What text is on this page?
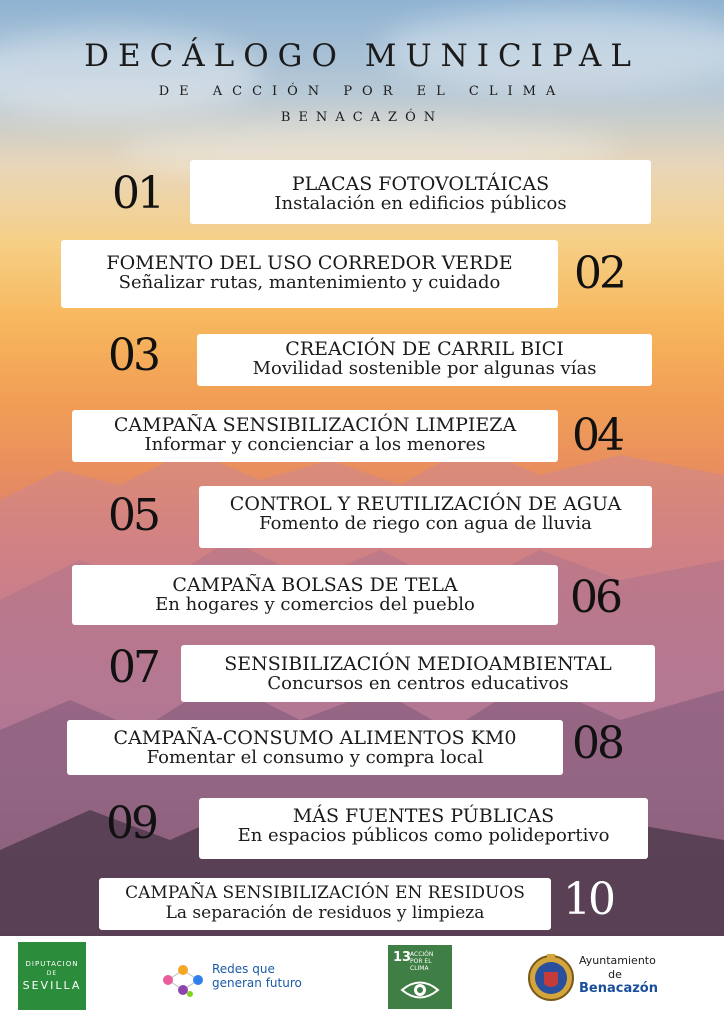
DECÁLOGO MUNICIPAL
DE ACCIÓN POR EL CLIMA
BENACAZÓN
01	PLACAS FOTOVOLTÁICAS
Instalación en edificios públicos
FOMENTO DEL USO CORREDOR VERDE
Señalizar rutas, mantenimiento y cuidado	02
03	CREACIÓN DE CARRIL BICI
Movilidad sostenible por algunas vías
CAMPAÑA SENSIBILIZACIÓN LIMPIEZA
Informar y concienciar a los menores	04
05	CONTROL Y REUTILIZACIÓN DE AGUA
Fomento de riego con agua de lluvia
CAMPAÑA BOLSAS DE TELA
En hogares y comercios del pueblo	06
07	SENSIBILIZACIÓN MEDIOAMBIENTAL
Concursos en centros educativos
CAMPAÑA-CONSUMO ALIMENTOS KM0
Fomentar el consumo y compra local	08
09	MÁS FUENTES PÚBLICAS
En espacios públicos como polideportivo
CAMPAÑA SENSIBILIZACIÓN EN RESIDUOS
La separación de residuos y limpieza	10
DIPUTACION
DE
SEVILLA
Redes que
generan futuro
13
ACCIÓN
POR EL CLIMA
Ayuntamiento
de
Benacazón
